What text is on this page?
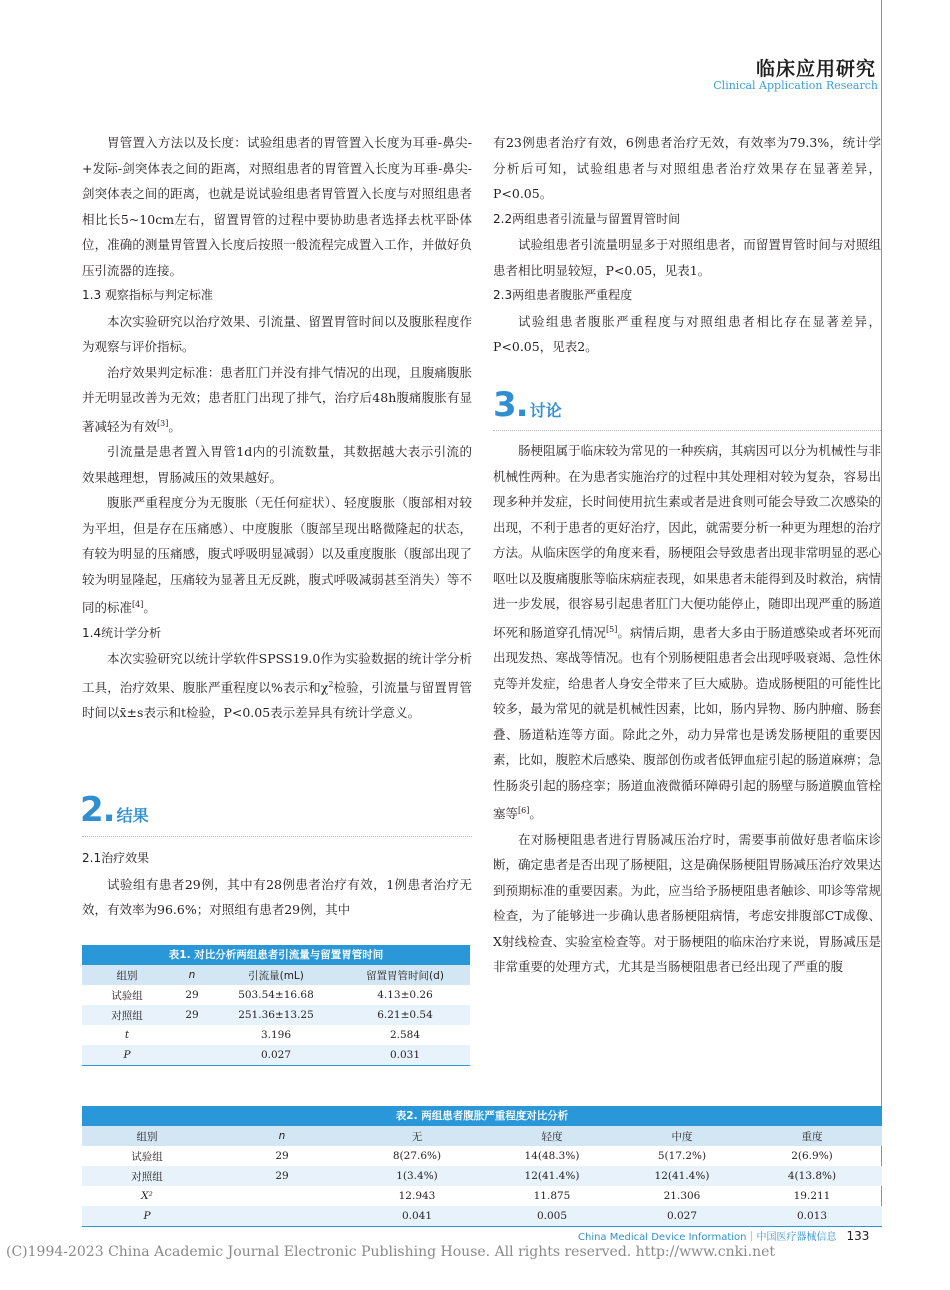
临床应用研究
Clinical Application Research

胃管置入方法以及长度：试验组患者的胃管置入长度为耳垂-鼻尖-+发际-剑突体表之间的距离，对照组患者的胃管置入长度为耳垂-鼻尖-剑突体表之间的距离，也就是说试验组患者胃管置入长度与对照组患者相比长5~10cm左右，留置胃管的过程中要协助患者选择去枕平卧体位，准确的测量胃管置入长度后按照一般流程完成置入工作，并做好负压引流器的连接。

1.3 观察指标与判定标准

本次实验研究以治疗效果、引流量、留置胃管时间以及腹胀程度作为观察与评价指标。

治疗效果判定标准：患者肛门并没有排气情况的出现，且腹痛腹胀并无明显改善为无效；患者肛门出现了排气，治疗后48h腹痛腹胀有显著减轻为有效[3]。

引流量是患者置入胃管1d内的引流数量，其数据越大表示引流的效果越理想，胃肠减压的效果越好。

腹胀严重程度分为无腹胀（无任何症状）、轻度腹胀（腹部相对较为平坦，但是存在压痛感）、中度腹胀（腹部呈现出略微隆起的状态，有较为明显的压痛感，腹式呼吸明显减弱）以及重度腹胀（腹部出现了较为明显隆起，压痛较为显著且无反跳，腹式呼吸减弱甚至消失）等不同的标准[4]。

1.4统计学分析

本次实验研究以统计学软件SPSS19.0作为实验数据的统计学分析工具，治疗效果、腹胀严重程度以%表示和$\chi^2$检验，引流量与留置胃管时间以x̄±s表示和t检验，P<0.05表示差异具有统计学意义。

2. 结果

2.1治疗效果

试验组有患者29例，其中有28例患者治疗有效，1例患者治疗无效，有效率为96.6%；对照组有患者29例，其中

表1. 对比分析两组患者引流量与留置胃管时间			
组别	n	引流量(mL)	留置胃管时间(d)
试验组	29	503.54±16.68	4.13±0.26
对照组	29	251.36±13.25	6.21±0.54
t		3.196	2.584
P		0.027	0.031

有23例患者治疗有效，6例患者治疗无效，有效率为79.3%，统计学分析后可知，试验组患者与对照组患者治疗效果存在显著差异，P<0.05。

2.2两组患者引流量与留置胃管时间

试验组患者引流量明显多于对照组患者，而留置胃管时间与对照组患者相比明显较短，P<0.05，见表1。

2.3两组患者腹胀严重程度

试验组患者腹胀严重程度与对照组患者相比存在显著差异，P<0.05，见表2。

3. 讨论

肠梗阻属于临床较为常见的一种疾病，其病因可以分为机械性与非机械性两种。在为患者实施治疗的过程中其处理相对较为复杂，容易出现多种并发症，长时间使用抗生素或者是进食则可能会导致二次感染的出现，不利于患者的更好治疗，因此，就需要分析一种更为理想的治疗方法。从临床医学的角度来看，肠梗阻会导致患者出现非常明显的恶心呕吐以及腹痛腹胀等临床病症表现，如果患者未能得到及时救治，病情进一步发展，很容易引起患者肛门大便功能停止，随即出现严重的肠道坏死和肠道穿孔情况[5]。病情后期，患者大多由于肠道感染或者坏死而出现发热、寒战等情况。也有个别肠梗阻患者会出现呼吸衰竭、急性休克等并发症，给患者人身安全带来了巨大威胁。造成肠梗阻的可能性比较多，最为常见的就是机械性因素，比如，肠内异物、肠内肿瘤、肠套叠、肠道粘连等方面。除此之外，动力异常也是诱发肠梗阻的重要因素，比如，腹腔术后感染、腹部创伤或者低钾血症引起的肠道麻痹；急性肠炎引起的肠痉挛；肠道血液微循环障碍引起的肠壁与肠道膜血管栓塞等[6]。

在对肠梗阻患者进行胃肠减压治疗时，需要事前做好患者临床诊断，确定患者是否出现了肠梗阻，这是确保肠梗阻胃肠减压治疗效果达到预期标准的重要因素。为此，应当给予肠梗阻患者触诊、叩诊等常规检查，为了能够进一步确认患者肠梗阻病情，考虑安排腹部CT成像、X射线检查、实验室检查等。对于肠梗阻的临床治疗来说，胃肠减压是非常重要的处理方式，尤其是当肠梗阻患者已经出现了严重的腹

表2. 两组患者腹胀严重程度对比分析					
组别	n	无	轻度	中度	重度
试验组	29	8(27.6%)	14(48.3%)	5(17.2%)	2(6.9%)
对照组	29	1(3.4%)	12(41.4%)	12(41.4%)	4(13.8%)
X²		12.943	11.875	21.306	19.211
P		0.041	0.005	0.027	0.013
China Medical Device Information｜中国医疗器械信息 133
(C)1994-2023 China Academic Journal Electronic Publishing House. All rights reserved. http://www.cnki.net
